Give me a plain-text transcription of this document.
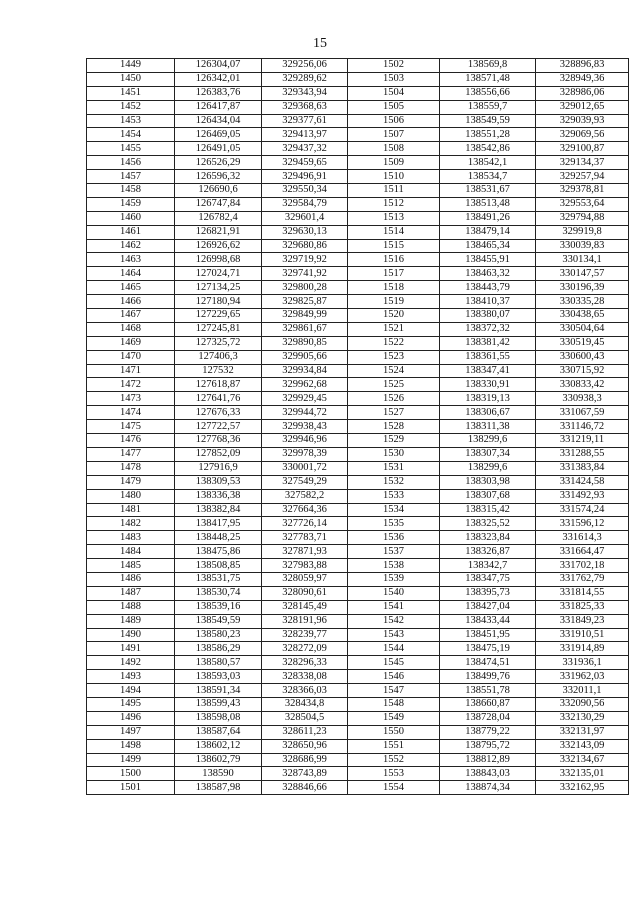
15
1449	126304,07	329256,06	1502	138569,8	328896,83
1450	126342,01	329289,62	1503	138571,48	328949,36
1451	126383,76	329343,94	1504	138556,66	328986,06
1452	126417,87	329368,63	1505	138559,7	329012,65
1453	126434,04	329377,61	1506	138549,59	329039,93
1454	126469,05	329413,97	1507	138551,28	329069,56
1455	126491,05	329437,32	1508	138542,86	329100,87
1456	126526,29	329459,65	1509	138542,1	329134,37
1457	126596,32	329496,91	1510	138534,7	329257,94
1458	126690,6	329550,34	1511	138531,67	329378,81
1459	126747,84	329584,79	1512	138513,48	329553,64
1460	126782,4	329601,4	1513	138491,26	329794,88
1461	126821,91	329630,13	1514	138479,14	329919,8
1462	126926,62	329680,86	1515	138465,34	330039,83
1463	126998,68	329719,92	1516	138455,91	330134,1
1464	127024,71	329741,92	1517	138463,32	330147,57
1465	127134,25	329800,28	1518	138443,79	330196,39
1466	127180,94	329825,87	1519	138410,37	330335,28
1467	127229,65	329849,99	1520	138380,07	330438,65
1468	127245,81	329861,67	1521	138372,32	330504,64
1469	127325,72	329890,85	1522	138381,42	330519,45
1470	127406,3	329905,66	1523	138361,55	330600,43
1471	127532	329934,84	1524	138347,41	330715,92
1472	127618,87	329962,68	1525	138330,91	330833,42
1473	127641,76	329929,45	1526	138319,13	330938,3
1474	127676,33	329944,72	1527	138306,67	331067,59
1475	127722,57	329938,43	1528	138311,38	331146,72
1476	127768,36	329946,96	1529	138299,6	331219,11
1477	127852,09	329978,39	1530	138307,34	331288,55
1478	127916,9	330001,72	1531	138299,6	331383,84
1479	138309,53	327549,29	1532	138303,98	331424,58
1480	138336,38	327582,2	1533	138307,68	331492,93
1481	138382,84	327664,36	1534	138315,42	331574,24
1482	138417,95	327726,14	1535	138325,52	331596,12
1483	138448,25	327783,71	1536	138323,84	331614,3
1484	138475,86	327871,93	1537	138326,87	331664,47
1485	138508,85	327983,88	1538	138342,7	331702,18
1486	138531,75	328059,97	1539	138347,75	331762,79
1487	138530,74	328090,61	1540	138395,73	331814,55
1488	138539,16	328145,49	1541	138427,04	331825,33
1489	138549,59	328191,96	1542	138433,44	331849,23
1490	138580,23	328239,77	1543	138451,95	331910,51
1491	138586,29	328272,09	1544	138475,19	331914,89
1492	138580,57	328296,33	1545	138474,51	331936,1
1493	138593,03	328338,08	1546	138499,76	331962,03
1494	138591,34	328366,03	1547	138551,78	332011,1
1495	138599,43	328434,8	1548	138660,87	332090,56
1496	138598,08	328504,5	1549	138728,04	332130,29
1497	138587,64	328611,23	1550	138779,22	332131,97
1498	138602,12	328650,96	1551	138795,72	332143,09
1499	138602,79	328686,99	1552	138812,89	332134,67
1500	138590	328743,89	1553	138843,03	332135,01
1501	138587,98	328846,66	1554	138874,34	332162,95
